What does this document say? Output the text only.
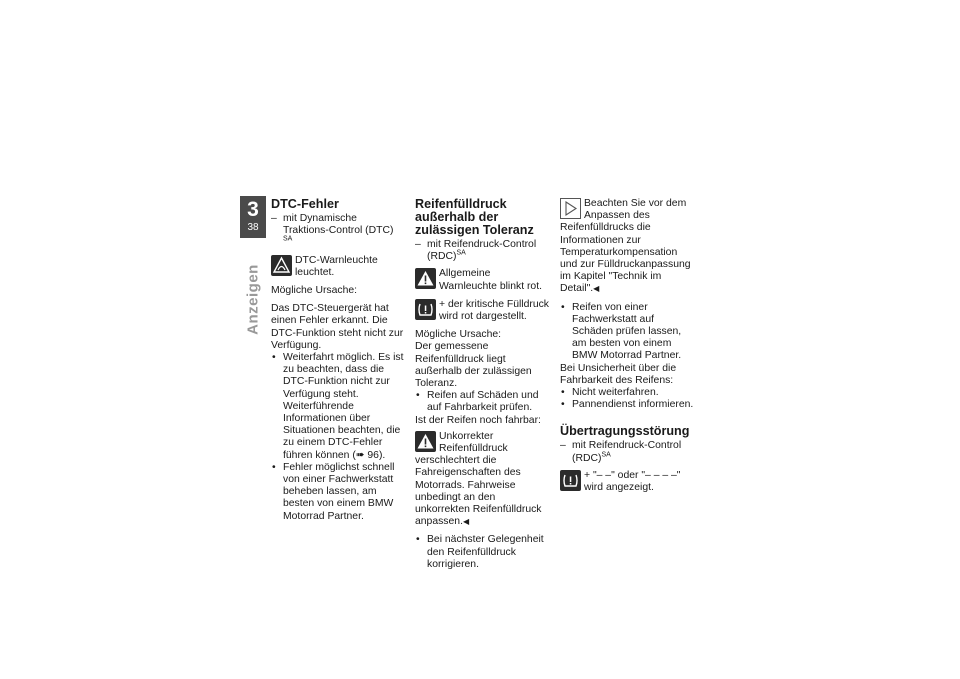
3
38
Anzeigen
DTC-Fehler

– mit Dynamische Traktions-Control (DTC) $^{SA}$

DTC-Warnleuchte leuchtet.

Mögliche Ursache:

Das DTC-Steuergerät hat einen Fehler erkannt. Die DTC-Funktion steht nicht zur Verfügung.

• Weiterfahrt möglich. Es ist zu beachten, dass die DTC-Funktion nicht zur Verfügung steht. Weiterführende Informationen über Situationen beachten, die zu einem DTC-Fehler führen können (➠ 96).

• Fehler möglichst schnell von einer Fachwerkstatt beheben lassen, am besten von einem BMW Motorrad Partner.

Reifenfülldruck außerhalb der zulässigen Toleranz

– mit Reifendruck-Control (RDC)$^{SA}$

Allgemeine Warnleuchte blinkt rot.
+ der kritische Fülldruck wird rot dargestellt.

Mögliche Ursache:

Der gemessene Reifenfülldruck liegt außerhalb der zulässigen Toleranz.

• Reifen auf Schäden und auf Fahrbarkeit prüfen.

Ist der Reifen noch fahrbar:

Unkorrekter Reifenfülldruck verschlechtert die Fahreigenschaften des Motorrads. Fahrweise unbedingt an den unkorrekten Reifenfülldruck anpassen.◀

• Bei nächster Gelegenheit den Reifenfülldruck korrigieren.

Beachten Sie vor dem Anpassen des Reifenfülldrucks die Informationen zur Temperaturkompensation und zur Fülldruckanpassung im Kapitel "Technik im Detail".◀

• Reifen von einer Fachwerkstatt auf Schäden prüfen lassen, am besten von einem BMW Motorrad Partner.

Bei Unsicherheit über die Fahrbarkeit des Reifens:

• Nicht weiterfahren.

• Pannendienst informieren.

Übertragungsstörung

– mit Reifendruck-Control (RDC)$^{SA}$

+ "– –" oder "– – – –" wird angezeigt.
